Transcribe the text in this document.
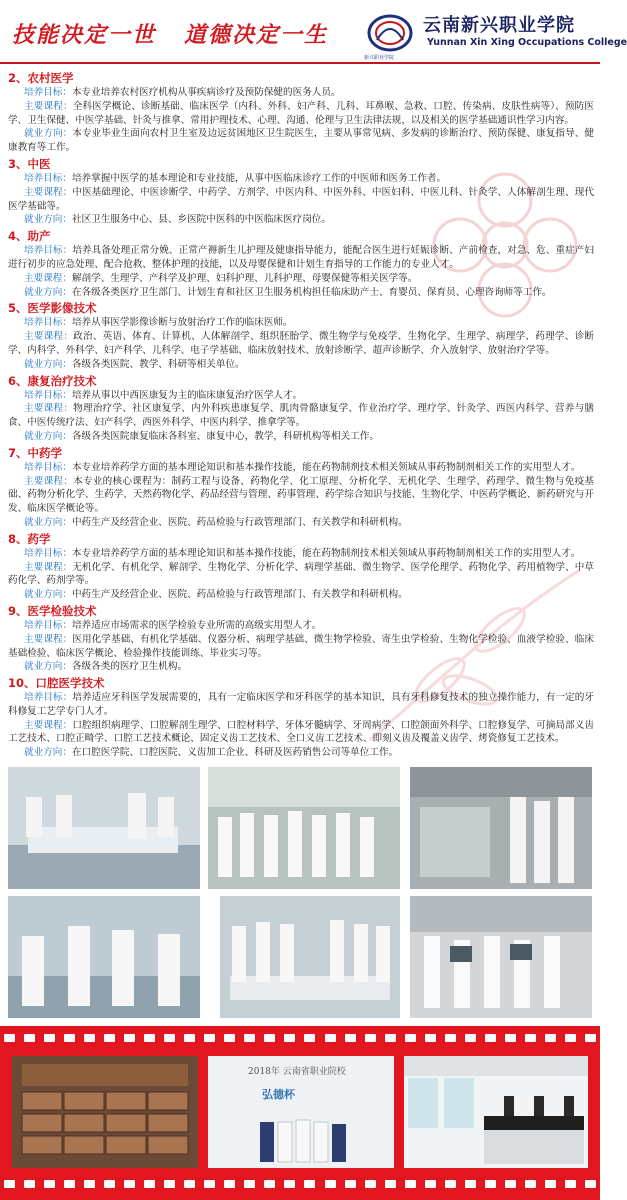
技能决定一世 道德决定一生
新兴职业学院
云南新兴职业学院
Yunnan Xin Xing Occupations College
2、农村医学
培养目标：本专业培养农村医疗机构从事疾病诊疗及预防保健的医务人员。
主要课程：全科医学概论、诊断基础、临床医学（内科、外科、妇产科、儿科、耳鼻喉、急救、口腔、传染病、皮肤性病等）、预防医学、卫生保健、中医学基础、针灸与推拿、常用护理技术、心理、沟通、伦理与卫生法律法规，以及相关的医学基础通识性学习内容。
就业方向：本专业毕业生面向农村卫生室及边远贫困地区卫生院医生，主要从事常见病、多发病的诊断治疗、预防保健、康复指导、健康教育等工作。
3、中医
培养目标：培养掌握中医学的基本理论和专业技能，从事中医临床诊疗工作的中医师和医务工作者。
主要课程：中医基础理论、中医诊断学、中药学、方剂学、中医内科、中医外科、中医妇科、中医儿科、针灸学、人体解剖生理、现代医学基础等。
就业方向：社区卫生服务中心、县、乡医院中医科的中医临床医疗岗位。
4、助产
培养目标：培养具备处理正常分娩、正常产褥新生儿护理及健康指导能力，能配合医生进行妊娠诊断、产前检查，对急、危、重症产妇进行初步的应急处理、配合抢救、整体护理的技能，以及母婴保健和计划生育指导的工作能力的专业人才。
主要课程：解剖学、生理学、产科学及护理、妇科护理、儿科护理、母婴保健等相关医学等。
就业方向：在各级各类医疗卫生部门、计划生育和社区卫生服务机构担任临床助产士、育婴员、保育员、心理咨询师等工作。
5、医学影像技术
培养目标：培养从事医学影像诊断与放射治疗工作的临床医师。
主要课程：政治、英语、体育、计算机、人体解剖学、组织胚胎学、微生物学与免疫学、生物化学、生理学、病理学、药理学、诊断学、内科学、外科学、妇产科学、儿科学、电子学基础、临床放射技术、放射诊断学、超声诊断学、介入放射学、放射治疗学等。
就业方向：各级各类医院、教学、科研等相关单位。
6、康复治疗技术
培养目标：培养从事以中西医康复为主的临床康复治疗医学人才。
主要课程：物理治疗学、社区康复学、内外科疾患康复学、肌肉骨骼康复学、作业治疗学、理疗学、针灸学、西医内科学、营养与膳食、中医传统疗法、妇产科学、西医外科学、中医内科学、推拿学等。
就业方向：各级各类医院康复临床各科室、康复中心，教学，科研机构等相关工作。
7、中药学
培养目标：本专业培养药学方面的基本理论知识和基本操作技能，能在药物制剂技术相关领域从事药物制剂相关工作的实用型人才。
主要课程：本专业的核心课程为：制药工程与设备、药物化学、化工原理、分析化学、无机化学、生理学、药理学、微生物与免疫基础、药物分析化学、生药学、天然药物化学、药品经营与管理、药事管理、药学综合知识与技能、生物化学、中医药学概论、新药研究与开发、临床医学概论等。
就业方向：中药生产及经营企业、医院、药品检验与行政管理部门、有关教学和科研机构。
8、药学
培养目标：本专业培养药学方面的基本理论知识和基本操作技能，能在药物制剂技术相关领域从事药物制剂相关工作的实用型人才。
主要课程：无机化学、有机化学、解剖学、生物化学、分析化学、病理学基础、微生物学、医学伦理学、药物化学、药用植物学、中草药化学、药剂学等。
就业方向：中药生产及经营企业、医院、药品检验与行政管理部门、有关教学和科研机构。
9、医学检验技术
培养目标：培养适应市场需求的医学检验专业所需的高级实用型人才。
主要课程：医用化学基础、有机化学基础、仪器分析、病理学基础、微生物学检验、寄生虫学检验、生物化学检验、血液学检验、临床基础检验、临床医学概论、检验操作技能训练、毕业实习等。
就业方向：各级各类的医疗卫生机构。
10、口腔医学技术
培养目标：培养适应牙科医学发展需要的，具有一定临床医学和牙科医学的基本知识，具有牙科修复技术的独立操作能力，有一定的牙科修复工艺学专门人才。
主要课程：口腔组织病理学、口腔解剖生理学、口腔材料学、牙体牙髓病学、牙周病学、口腔颌面外科学、口腔修复学、可摘局部义齿工艺技术、口腔正畸学、口腔工艺技术概论、固定义齿工艺技术、全口义齿工艺技术、即刻义齿及覆盖义齿学、烤瓷修复工艺技术。
就业方向：在口腔医学院、口腔医院、义齿加工企业、科研及医药销售公司等单位工作。
2018年 云南省职业院校
弘德杯
